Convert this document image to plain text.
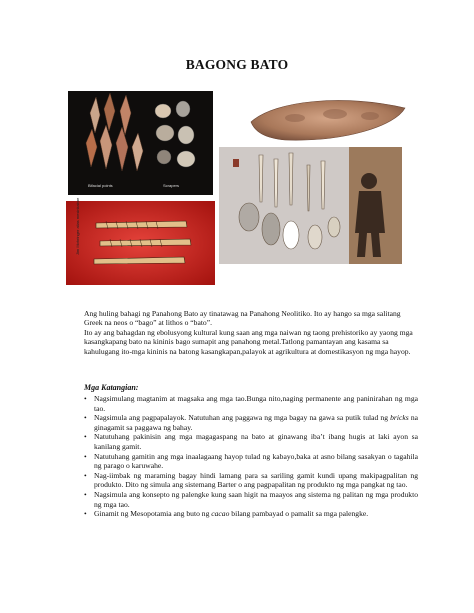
BAGONG BATO
Bifacial points	Scrapers
Jim Mohringer alias mesinkabae

Ang huling bahagi ng Panahong Bato ay tinatawag na Panahong Neolitiko. Ito ay hango sa mga salitang Greek na neos o “bago” at lithos o “bato”.

Ito ay ang bahagdan ng ebolusyong kultural kung saan ang mga naiwan ng taong prehistoriko ay yaong mga kasangkapang bato na kininis bago sumapit ang panahong metal.Tatlong pamantayan ang kasama sa kahulugang ito-mga kininis na batong kasangkapan,palayok at agrikultura at domestikasyon ng mga hayop.

Mga Katangian:
• Nagsimulang magtanim at magsaka ang mga tao.Bunga nito,naging permanente ang paninirahan ng mga tao.
• Nagsimula ang pagpapalayok. Natutuhan ang paggawa ng mga bagay na gawa sa putik tulad ng bricks na ginagamit sa paggawa ng bahay.
• Natutuhang pakinisin ang mga magagaspang na bato at ginawang iba’t ibang hugis at laki ayon sa kanilang gamit.
• Natutuhang gamitin ang mga inaalagaang hayop tulad ng kabayo,baka at asno bilang sasakyan o tagahila ng parago o karuwahe.
• Nag-iimbak ng maraming bagay hindi lamang para sa sariling gamit kundi upang makipagpalitan ng produkto. Dito ng simula ang sistemang Barter o ang pagpapalitan ng produkto ng mga pangkat ng tao.
• Nagsimula ang konsepto ng palengke kung saan higit na maayos ang sistema ng palitan ng mga produkto ng mga tao.
• Ginamit ng Mesopotamia ang buto ng cacao bilang pambayad o pamalit sa mga palengke.
